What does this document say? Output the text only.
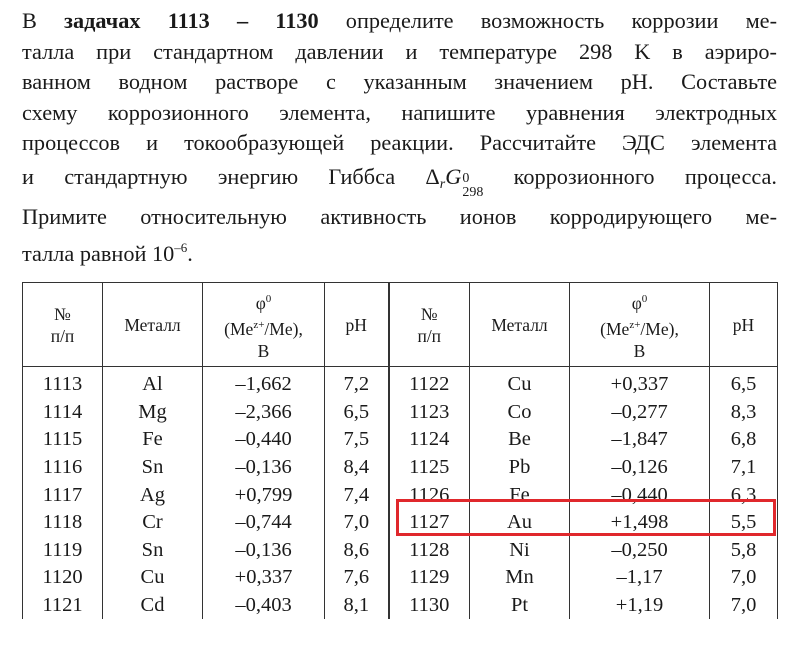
В задачах 1113 – 1130 определите возможность коррозии ме-
талла при стандартном давлении и температуре 298 K в аэриро-
ванном водном растворе с указанным значением pH. Составьте
схему коррозионного элемента, напишите уравнения электродных
процессов и токообразующей реакции. Рассчитайте ЭДС элемента
и стандартную энергию Гиббса $\Delta_rG$ 0
298
коррозионного процесса.
Примите относительную активность ионов корродирующего ме-
талла равной $10^{-6}$.

№
п/п	Металл	$\varphi^0$
$(Me^{z+}/Me)$,
B	pH	№
п/п	Металл	$\varphi^0$
$(Me^{z+}/Me)$,
B	pH
1113	Al	–1,662	7,2	1122	Cu	+0,337	6,5
1114	Mg	–2,366	6,5	1123	Co	–0,277	8,3
1115	Fe	–0,440	7,5	1124	Be	–1,847	6,8
1116	Sn	–0,136	8,4	1125	Pb	–0,126	7,1
1117	Ag	+0,799	7,4	1126	Fe	–0,440	6,3
1118	Cr	–0,744	7,0	1127	Au	+1,498	5,5
1119	Sn	–0,136	8,6	1128	Ni	–0,250	5,8
1120	Cu	+0,337	7,6	1129	Mn	–1,17	7,0
1121	Cd	–0,403	8,1	1130	Pt	+1,19	7,0
